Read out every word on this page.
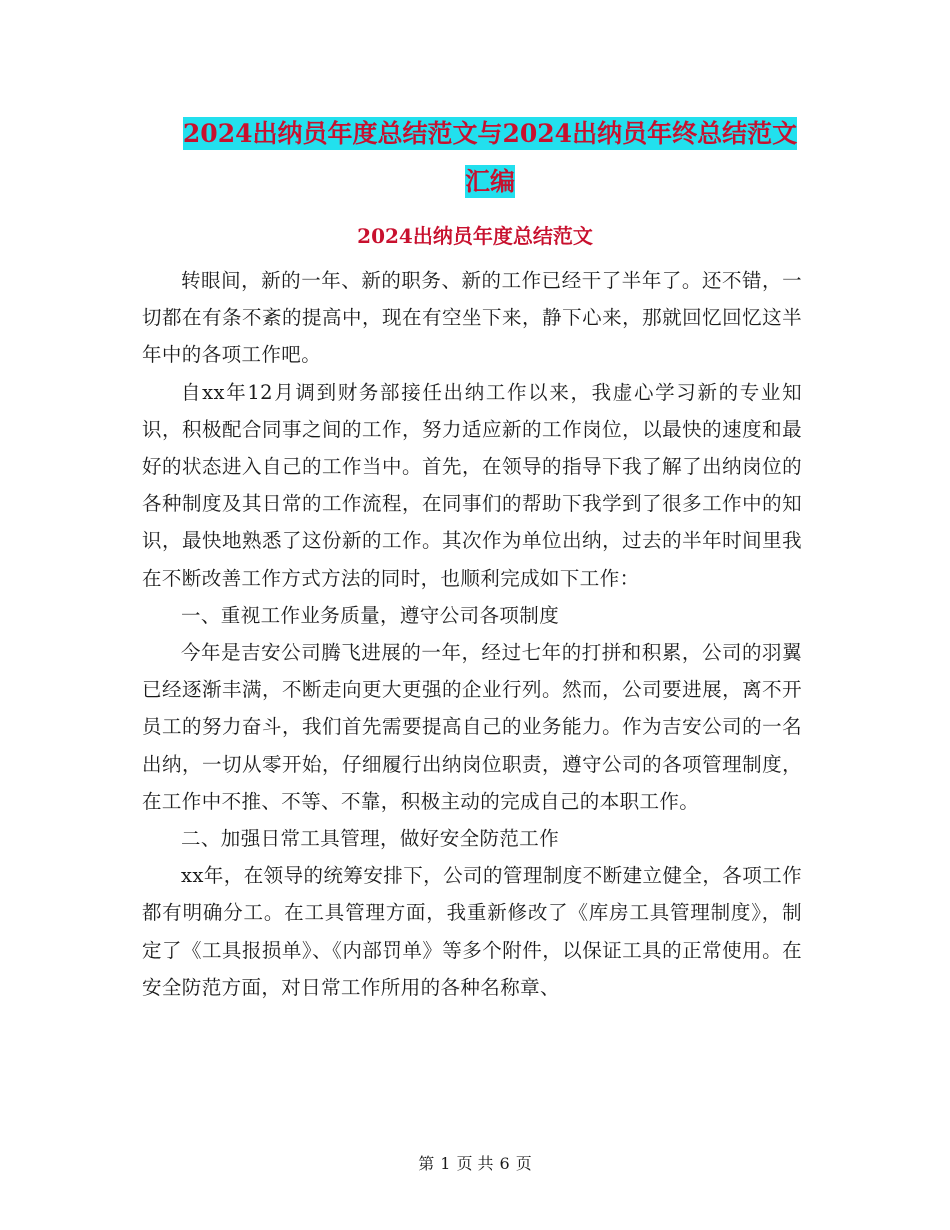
2024出纳员年度总结范文与2024出纳员年终总结范文
汇编
2024出纳员年度总结范文

转眼间，新的一年、新的职务、新的工作已经干了半年了。还不错，一切都在有条不紊的提高中，现在有空坐下来，静下心来，那就回忆回忆这半年中的各项工作吧。

自xx年12月调到财务部接任出纳工作以来，我虚心学习新的专业知识，积极配合同事之间的工作，努力适应新的工作岗位，以最快的速度和最好的状态进入自己的工作当中。首先，在领导的指导下我了解了出纳岗位的各种制度及其日常的工作流程，在同事们的帮助下我学到了很多工作中的知识，最快地熟悉了这份新的工作。其次作为单位出纳，过去的半年时间里我在不断改善工作方式方法的同时，也顺利完成如下工作：

一、重视工作业务质量，遵守公司各项制度

今年是吉安公司腾飞进展的一年，经过七年的打拼和积累，公司的羽翼已经逐渐丰满，不断走向更大更强的企业行列。然而，公司要进展，离不开员工的努力奋斗，我们首先需要提高自己的业务能力。作为吉安公司的一名出纳，一切从零开始，仔细履行出纳岗位职责，遵守公司的各项管理制度，在工作中不推、不等、不靠，积极主动的完成自己的本职工作。

二、加强日常工具管理，做好安全防范工作

xx年，在领导的统筹安排下，公司的管理制度不断建立健全，各项工作都有明确分工。在工具管理方面，我重新修改了《库房工具管理制度》，制定了《工具报损单》、《内部罚单》等多个附件，以保证工具的正常使用。在安全防范方面，对日常工作所用的各种名称章、

第 1 页 共 6 页
